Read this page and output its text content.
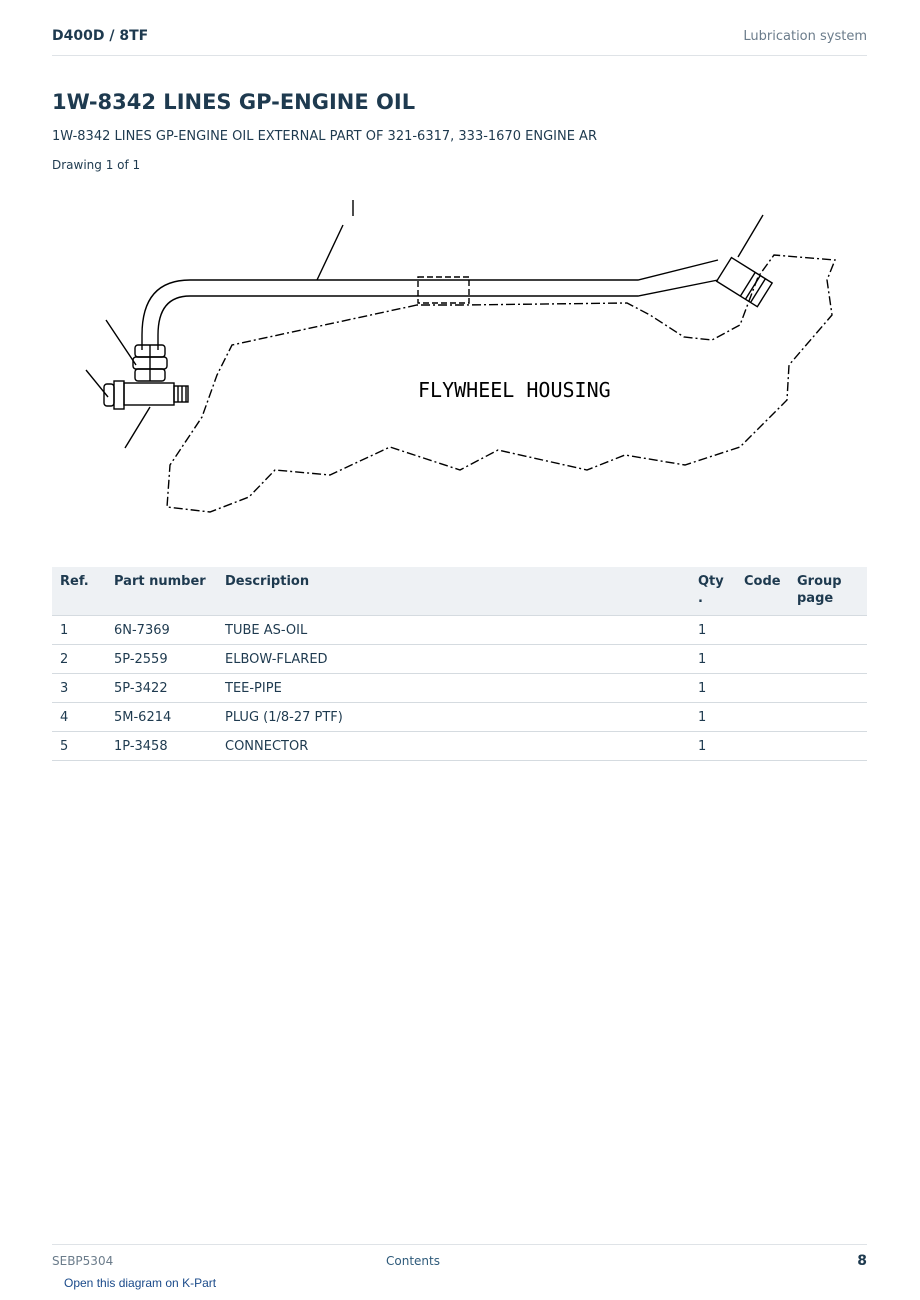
D400D / 8TF	Lubrication system
1W-8342 LINES GP-ENGINE OIL
1W-8342 LINES GP-ENGINE OIL EXTERNAL PART OF 321-6317, 333-1670 ENGINE AR
Drawing 1 of 1
FLYWHEEL HOUSING
Ref.	Part number	Description	Qty .	Code	Group page
1	6N-7369	TUBE AS-OIL	1		
2	5P-2559	ELBOW-FLARED	1		
3	5P-3422	TEE-PIPE	1		
4	5M-6214	PLUG (1/8-27 PTF)	1		
5	1P-3458	CONNECTOR	1		
SEBP5304	Contents	8
Open this diagram on K-Part
